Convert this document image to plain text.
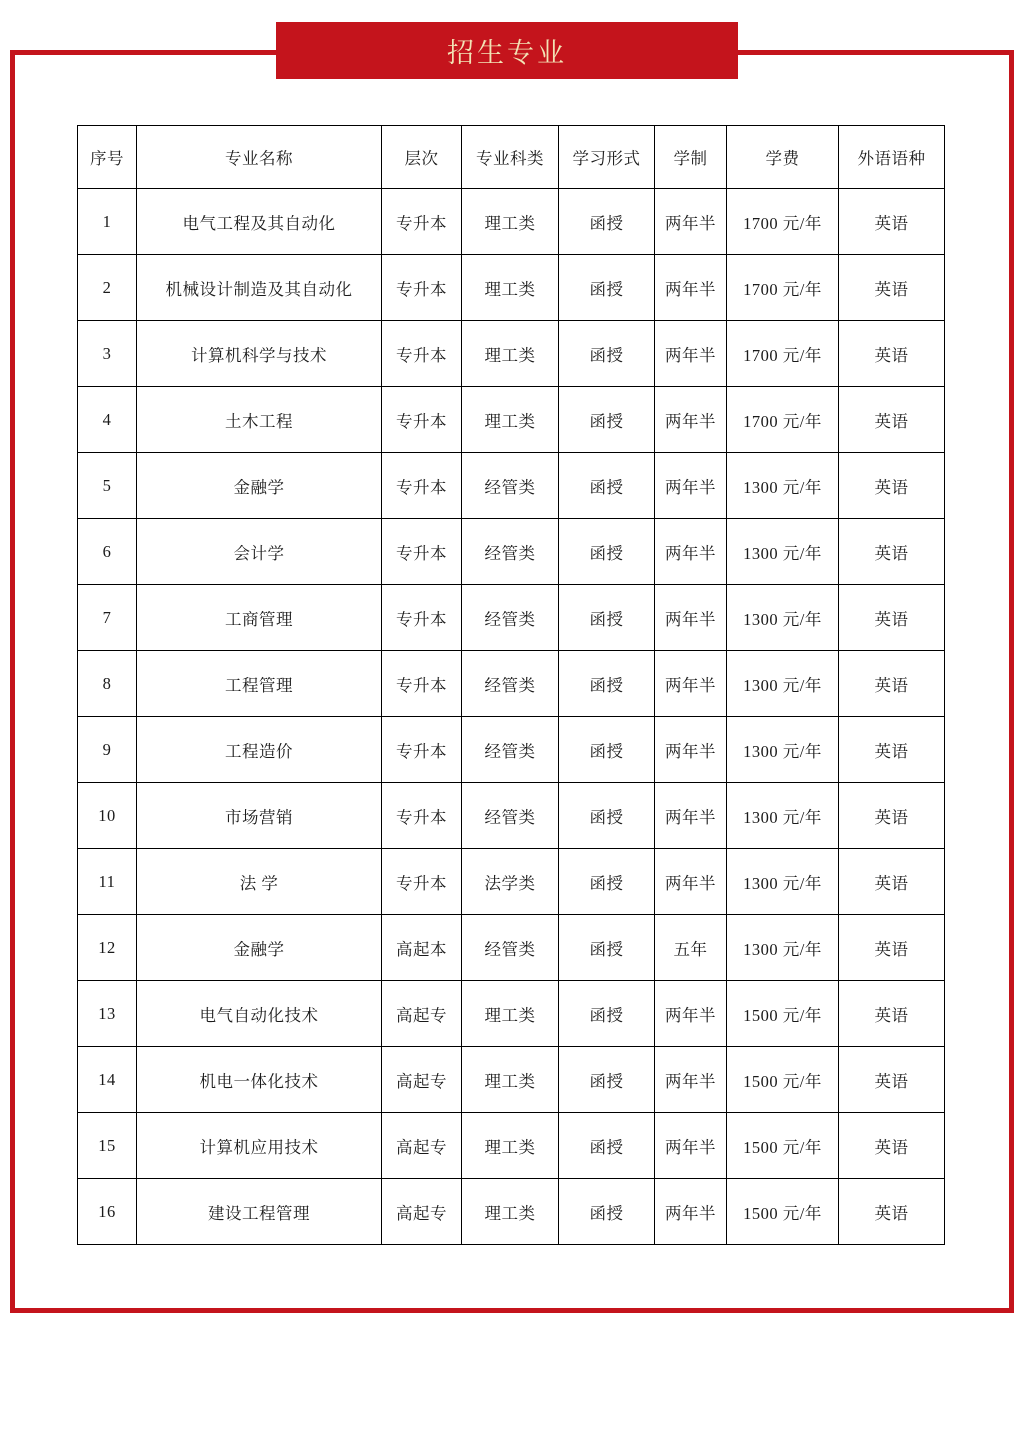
招生专业
序号	专业名称	层次	专业科类	学习形式	学制	学费	外语语种
1	电气工程及其自动化	专升本	理工类	函授	两年半	1700 元/年	英语
2	机械设计制造及其自动化	专升本	理工类	函授	两年半	1700 元/年	英语
3	计算机科学与技术	专升本	理工类	函授	两年半	1700 元/年	英语
4	土木工程	专升本	理工类	函授	两年半	1700 元/年	英语
5	金融学	专升本	经管类	函授	两年半	1300 元/年	英语
6	会计学	专升本	经管类	函授	两年半	1300 元/年	英语
7	工商管理	专升本	经管类	函授	两年半	1300 元/年	英语
8	工程管理	专升本	经管类	函授	两年半	1300 元/年	英语
9	工程造价	专升本	经管类	函授	两年半	1300 元/年	英语
10	市场营销	专升本	经管类	函授	两年半	1300 元/年	英语
11	法 学	专升本	法学类	函授	两年半	1300 元/年	英语
12	金融学	高起本	经管类	函授	五年	1300 元/年	英语
13	电气自动化技术	高起专	理工类	函授	两年半	1500 元/年	英语
14	机电一体化技术	高起专	理工类	函授	两年半	1500 元/年	英语
15	计算机应用技术	高起专	理工类	函授	两年半	1500 元/年	英语
16	建设工程管理	高起专	理工类	函授	两年半	1500 元/年	英语
